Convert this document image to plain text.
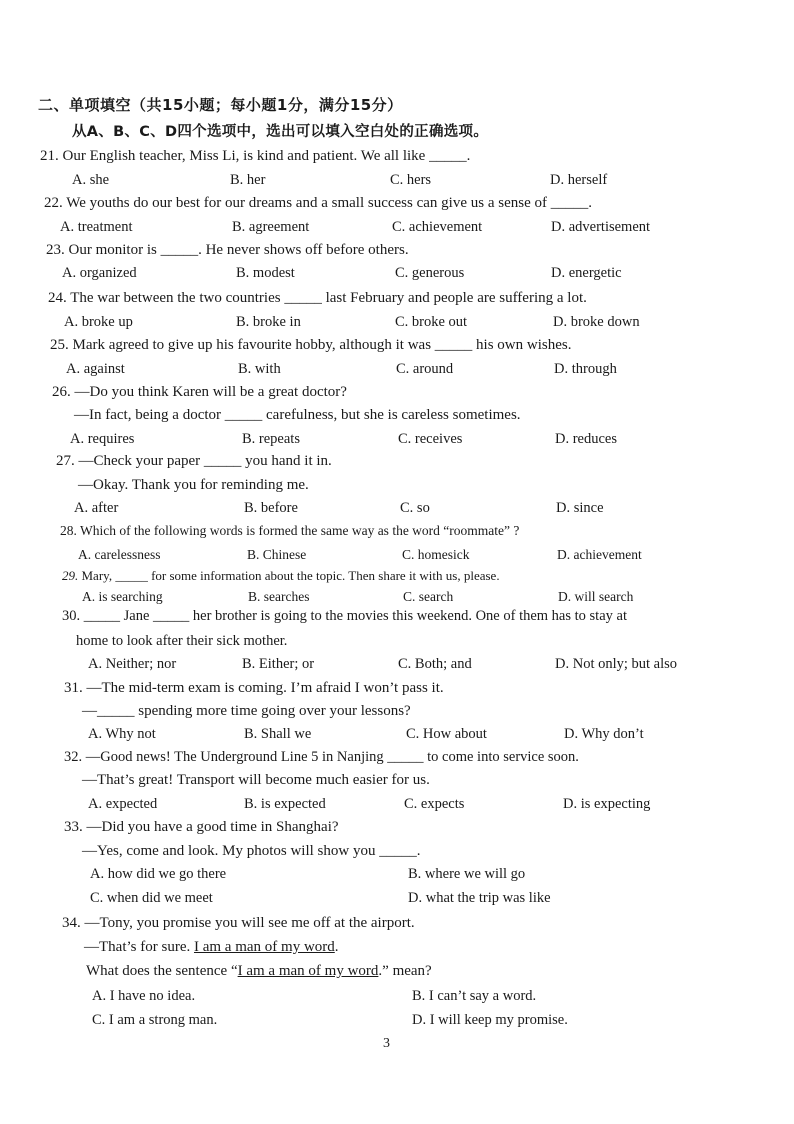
二、单项填空（共15小题；每小题1分，满分15分）
从A、B、C、D四个选项中，选出可以填入空白处的正确选项。
21. Our English teacher, Miss Li, is kind and patient. We all like _____.
A. she	B. her	C. hers	D. herself
22. We youths do our best for our dreams and a small success can give us a sense of _____.
A. treatment	B. agreement	C. achievement	D. advertisement
23. Our monitor is _____. He never shows off before others.
A. organized	B. modest	C. generous	D. energetic
24. The war between the two countries _____ last February and people are suffering a lot.
A. broke up	B. broke in	C. broke out	D. broke down
25. Mark agreed to give up his favourite hobby, although it was _____ his own wishes.
A. against	B. with	C. around	D. through
26. —Do you think Karen will be a great doctor?
—In fact, being a doctor _____ carefulness, but she is careless sometimes.
A. requires	B. repeats	C. receives	D. reduces
27. —Check your paper _____ you hand it in.
—Okay. Thank you for reminding me.
A. after	B. before	C. so	D. since
28. Which of the following words is formed the same way as the word “roommate” ?
A. carelessness	B. Chinese	C. homesick	D. achievement
29. Mary, _____ for some information about the topic. Then share it with us, please.
A. is searching	B. searches	C. search	D. will search
30. _____ Jane _____ her brother is going to the movies this weekend. One of them has to stay at
home to look after their sick mother.
A. Neither; nor	B. Either; or	C. Both; and	D. Not only; but also
31. —The mid-term exam is coming. I’m afraid I won’t pass it.
—_____ spending more time going over your lessons?
A. Why not	B. Shall we	C. How about	D. Why don’t
32. —Good news! The Underground Line 5 in Nanjing _____ to come into service soon.
—That’s great! Transport will become much easier for us.
A. expected	B. is expected	C. expects	D. is expecting
33. —Did you have a good time in Shanghai?
—Yes, come and look. My photos will show you _____.
A. how did we go there	B. where we will go
C. when did we meet	D. what the trip was like
34. —Tony, you promise you will see me off at the airport.
—That’s for sure. I am a man of my word.
What does the sentence “I am a man of my word.” mean?
A. I have no idea.	B. I can’t say a word.
C. I am a strong man.	D. I will keep my promise.
3
